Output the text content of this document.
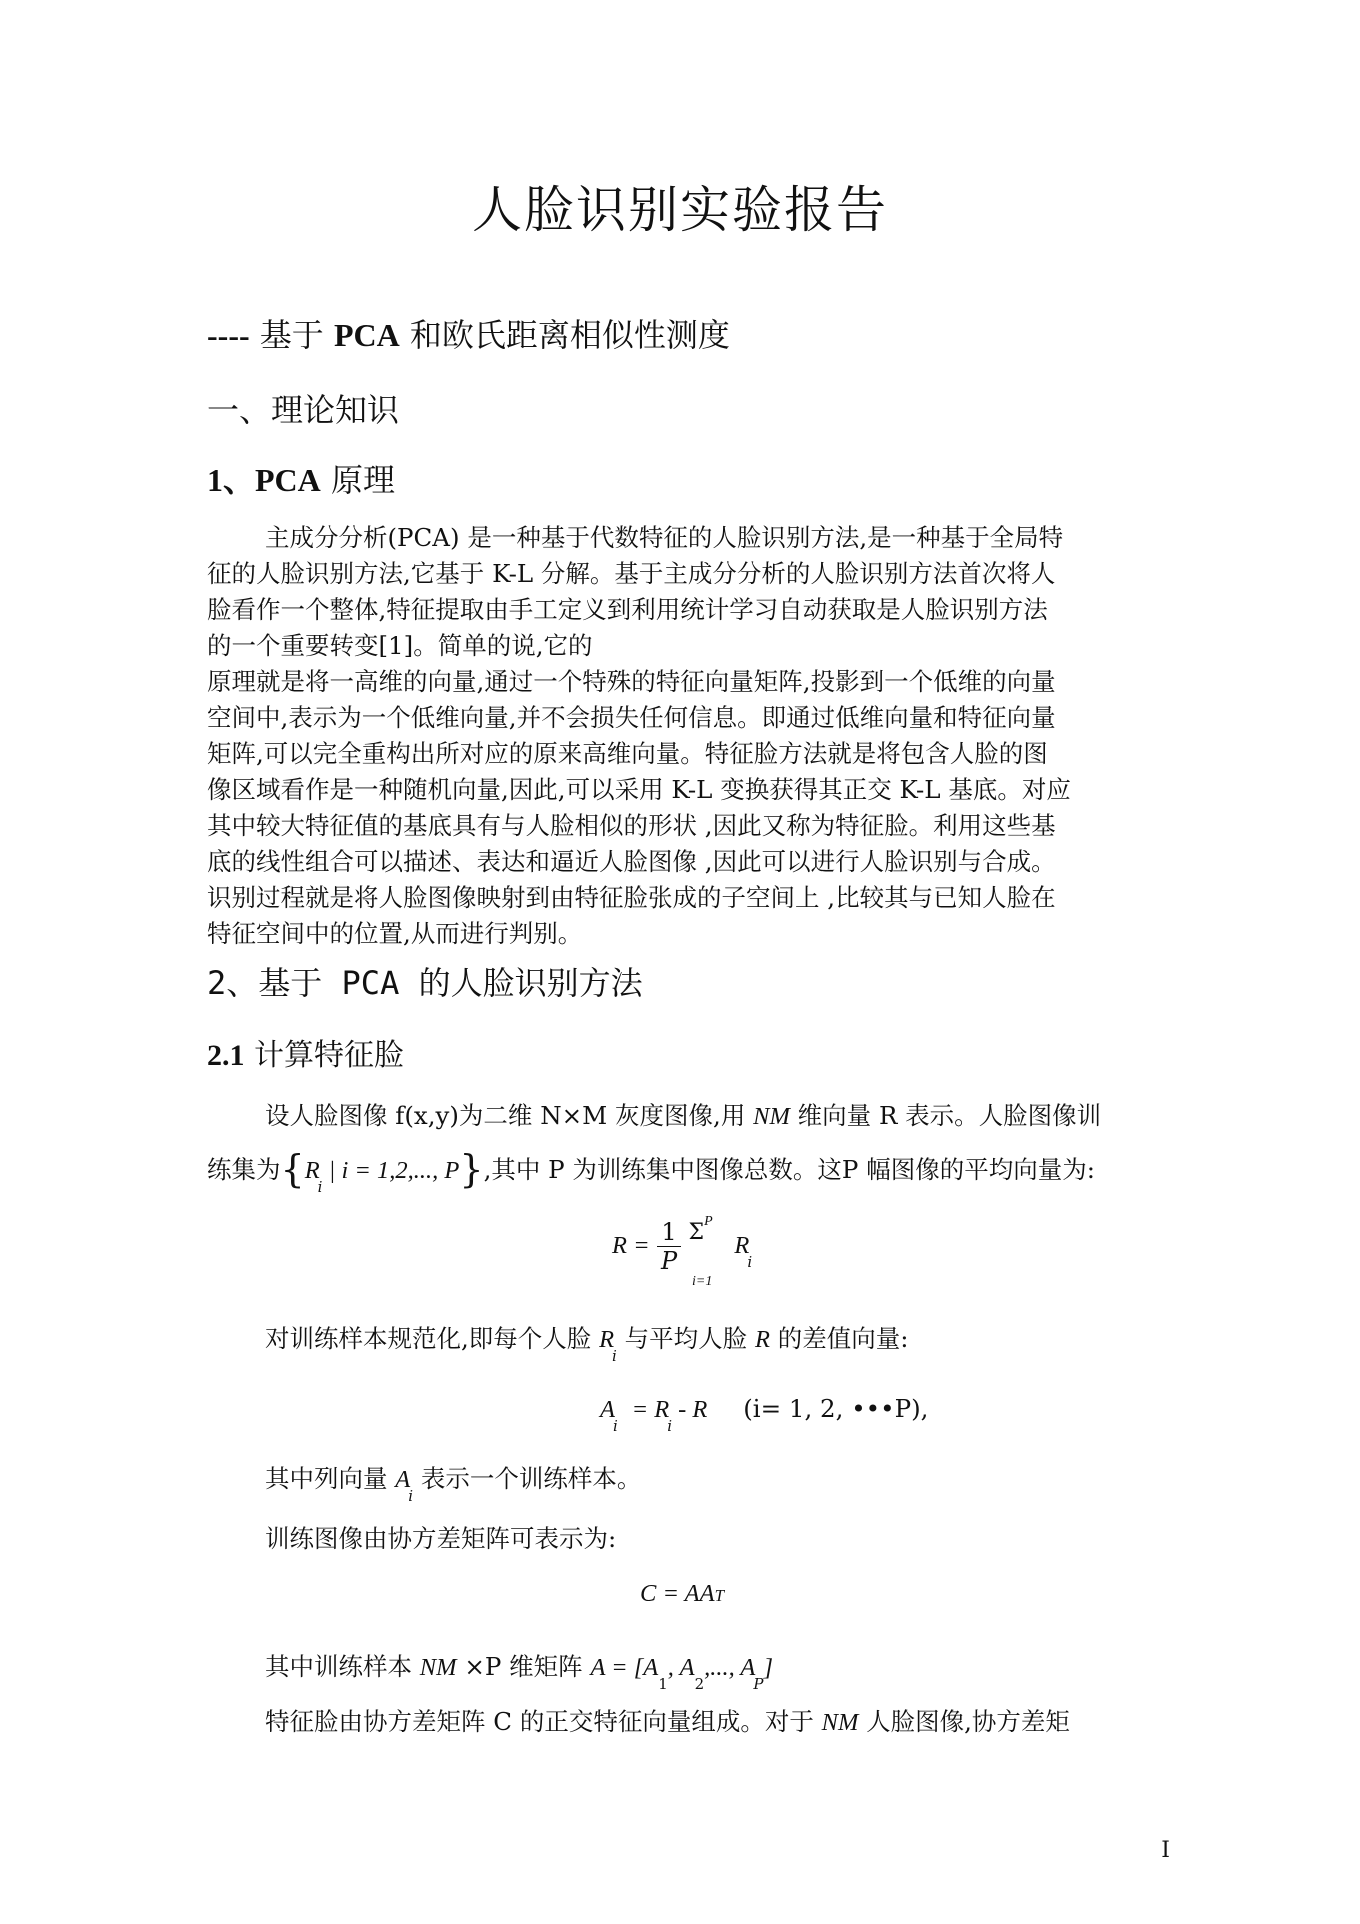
人脸识别实验报告
---- 基于 PCA 和欧氏距离相似性测度
一、理论知识
1、PCA 原理

主成分分析(PCA) 是一种基于代数特征的人脸识别方法,是一种基于全局特
征的人脸识别方法,它基于 K-L 分解。基于主成分分析的人脸识别方法首次将人
脸看作一个整体,特征提取由手工定义到利用统计学习自动获取是人脸识别方法
的一个重要转变[1]。简单的说,它的
原理就是将一高维的向量,通过一个特殊的特征向量矩阵,投影到一个低维的向量
空间中,表示为一个低维向量,并不会损失任何信息。即通过低维向量和特征向量
矩阵,可以完全重构出所对应的原来高维向量。特征脸方法就是将包含人脸的图
像区域看作是一种随机向量,因此,可以采用 K-L 变换获得其正交 K-L 基底。对应
其中较大特征值的基底具有与人脸相似的形状 ,因此又称为特征脸。利用这些基
底的线性组合可以描述、表达和逼近人脸图像 ,因此可以进行人脸识别与合成。
识别过程就是将人脸图像映射到由特征脸张成的子空间上 ,比较其与已知人脸在
特征空间中的位置,从而进行判别。

2、基于 PCA 的人脸识别方法
2.1 计算特征脸
设人脸图像 f(x,y)为二维 N×M 灰度图像,用 NM 维向量 R 表示。人脸图像训
练集为{$R_i$ | i = 1,2,..., P},其中 P 为训练集中图像总数。这P 幅图像的平均向量为:
$R = \frac{1}{P} \Sigma^P$ $R_i$
i=1
对训练样本规范化,即每个人脸 $R_i$ 与平均人脸 R 的差值向量:
$A_i = R_i - R$ (i= 1, 2, •••P),
其中列向量 $A_i$ 表示一个训练样本。
训练图像由协方差矩阵可表示为:
C = AAT
其中训练样本 NM ×P 维矩阵 $A = [A_1$, $A_2$,..., $A_P$]
特征脸由协方差矩阵 C 的正交特征向量组成。对于 NM 人脸图像,协方差矩
I
